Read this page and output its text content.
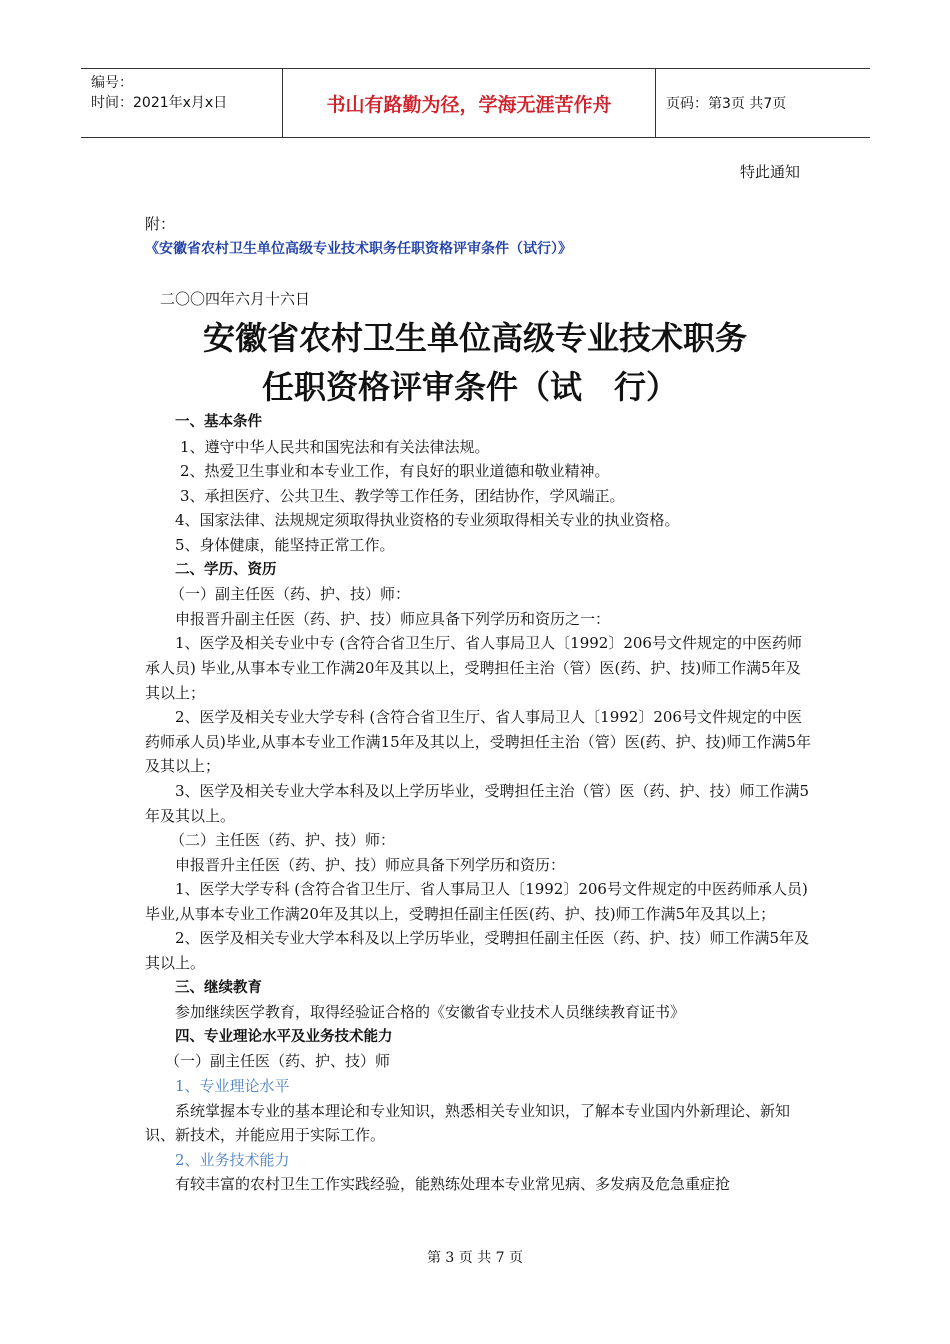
编号：
时间：2021年x月x日	书山有路勤为径，学海无涯苦作舟	页码：第3页 共7页
特此通知
附：
《安徽省农村卫生单位高级专业技术职务任职资格评审条件（试行）》
二〇〇四年六月十六日
安徽省农村卫生单位高级专业技术职务
任职资格评审条件（试　行）

一、基本条件

1、遵守中华人民共和国宪法和有关法律法规。

2、热爱卫生事业和本专业工作，有良好的职业道德和敬业精神。

3、承担医疗、公共卫生、教学等工作任务，团结协作，学风端正。

4、国家法律、法规规定须取得执业资格的专业须取得相关专业的执业资格。

5、身体健康，能坚持正常工作。

二、学历、资历

（一）副主任医（药、护、技）师：

申报晋升副主任医（药、护、技）师应具备下列学历和资历之一：

1、医学及相关专业中专 (含符合省卫生厅、省人事局卫人〔1992〕206号文件规定的中医药师承人员) 毕业,从事本专业工作满20年及其以上，受聘担任主治（管）医(药、护、技)师工作满5年及其以上；

2、医学及相关专业大学专科 (含符合省卫生厅、省人事局卫人〔1992〕206号文件规定的中医药师承人员)毕业,从事本专业工作满15年及其以上，受聘担任主治（管）医(药、护、技)师工作满5年及其以上；

3、医学及相关专业大学本科及以上学历毕业，受聘担任主治（管）医（药、护、技）师工作满5年及其以上。

（二）主任医（药、护、技）师：

申报晋升主任医（药、护、技）师应具备下列学历和资历：

1、医学大学专科 (含符合省卫生厅、省人事局卫人〔1992〕206号文件规定的中医药师承人员)毕业,从事本专业工作满20年及其以上，受聘担任副主任医(药、护、技)师工作满5年及其以上；

2、医学及相关专业大学本科及以上学历毕业，受聘担任副主任医（药、护、技）师工作满5年及其以上。

三、继续教育

参加继续医学教育，取得经验证合格的《安徽省专业技术人员继续教育证书》

四、专业理论水平及业务技术能力

（一）副主任医（药、护、技）师

1、专业理论水平

系统掌握本专业的基本理论和专业知识，熟悉相关专业知识，了解本专业国内外新理论、新知识、新技术，并能应用于实际工作。

2、业务技术能力

有较丰富的农村卫生工作实践经验，能熟练处理本专业常见病、多发病及危急重症抢

第 3 页 共 7 页
